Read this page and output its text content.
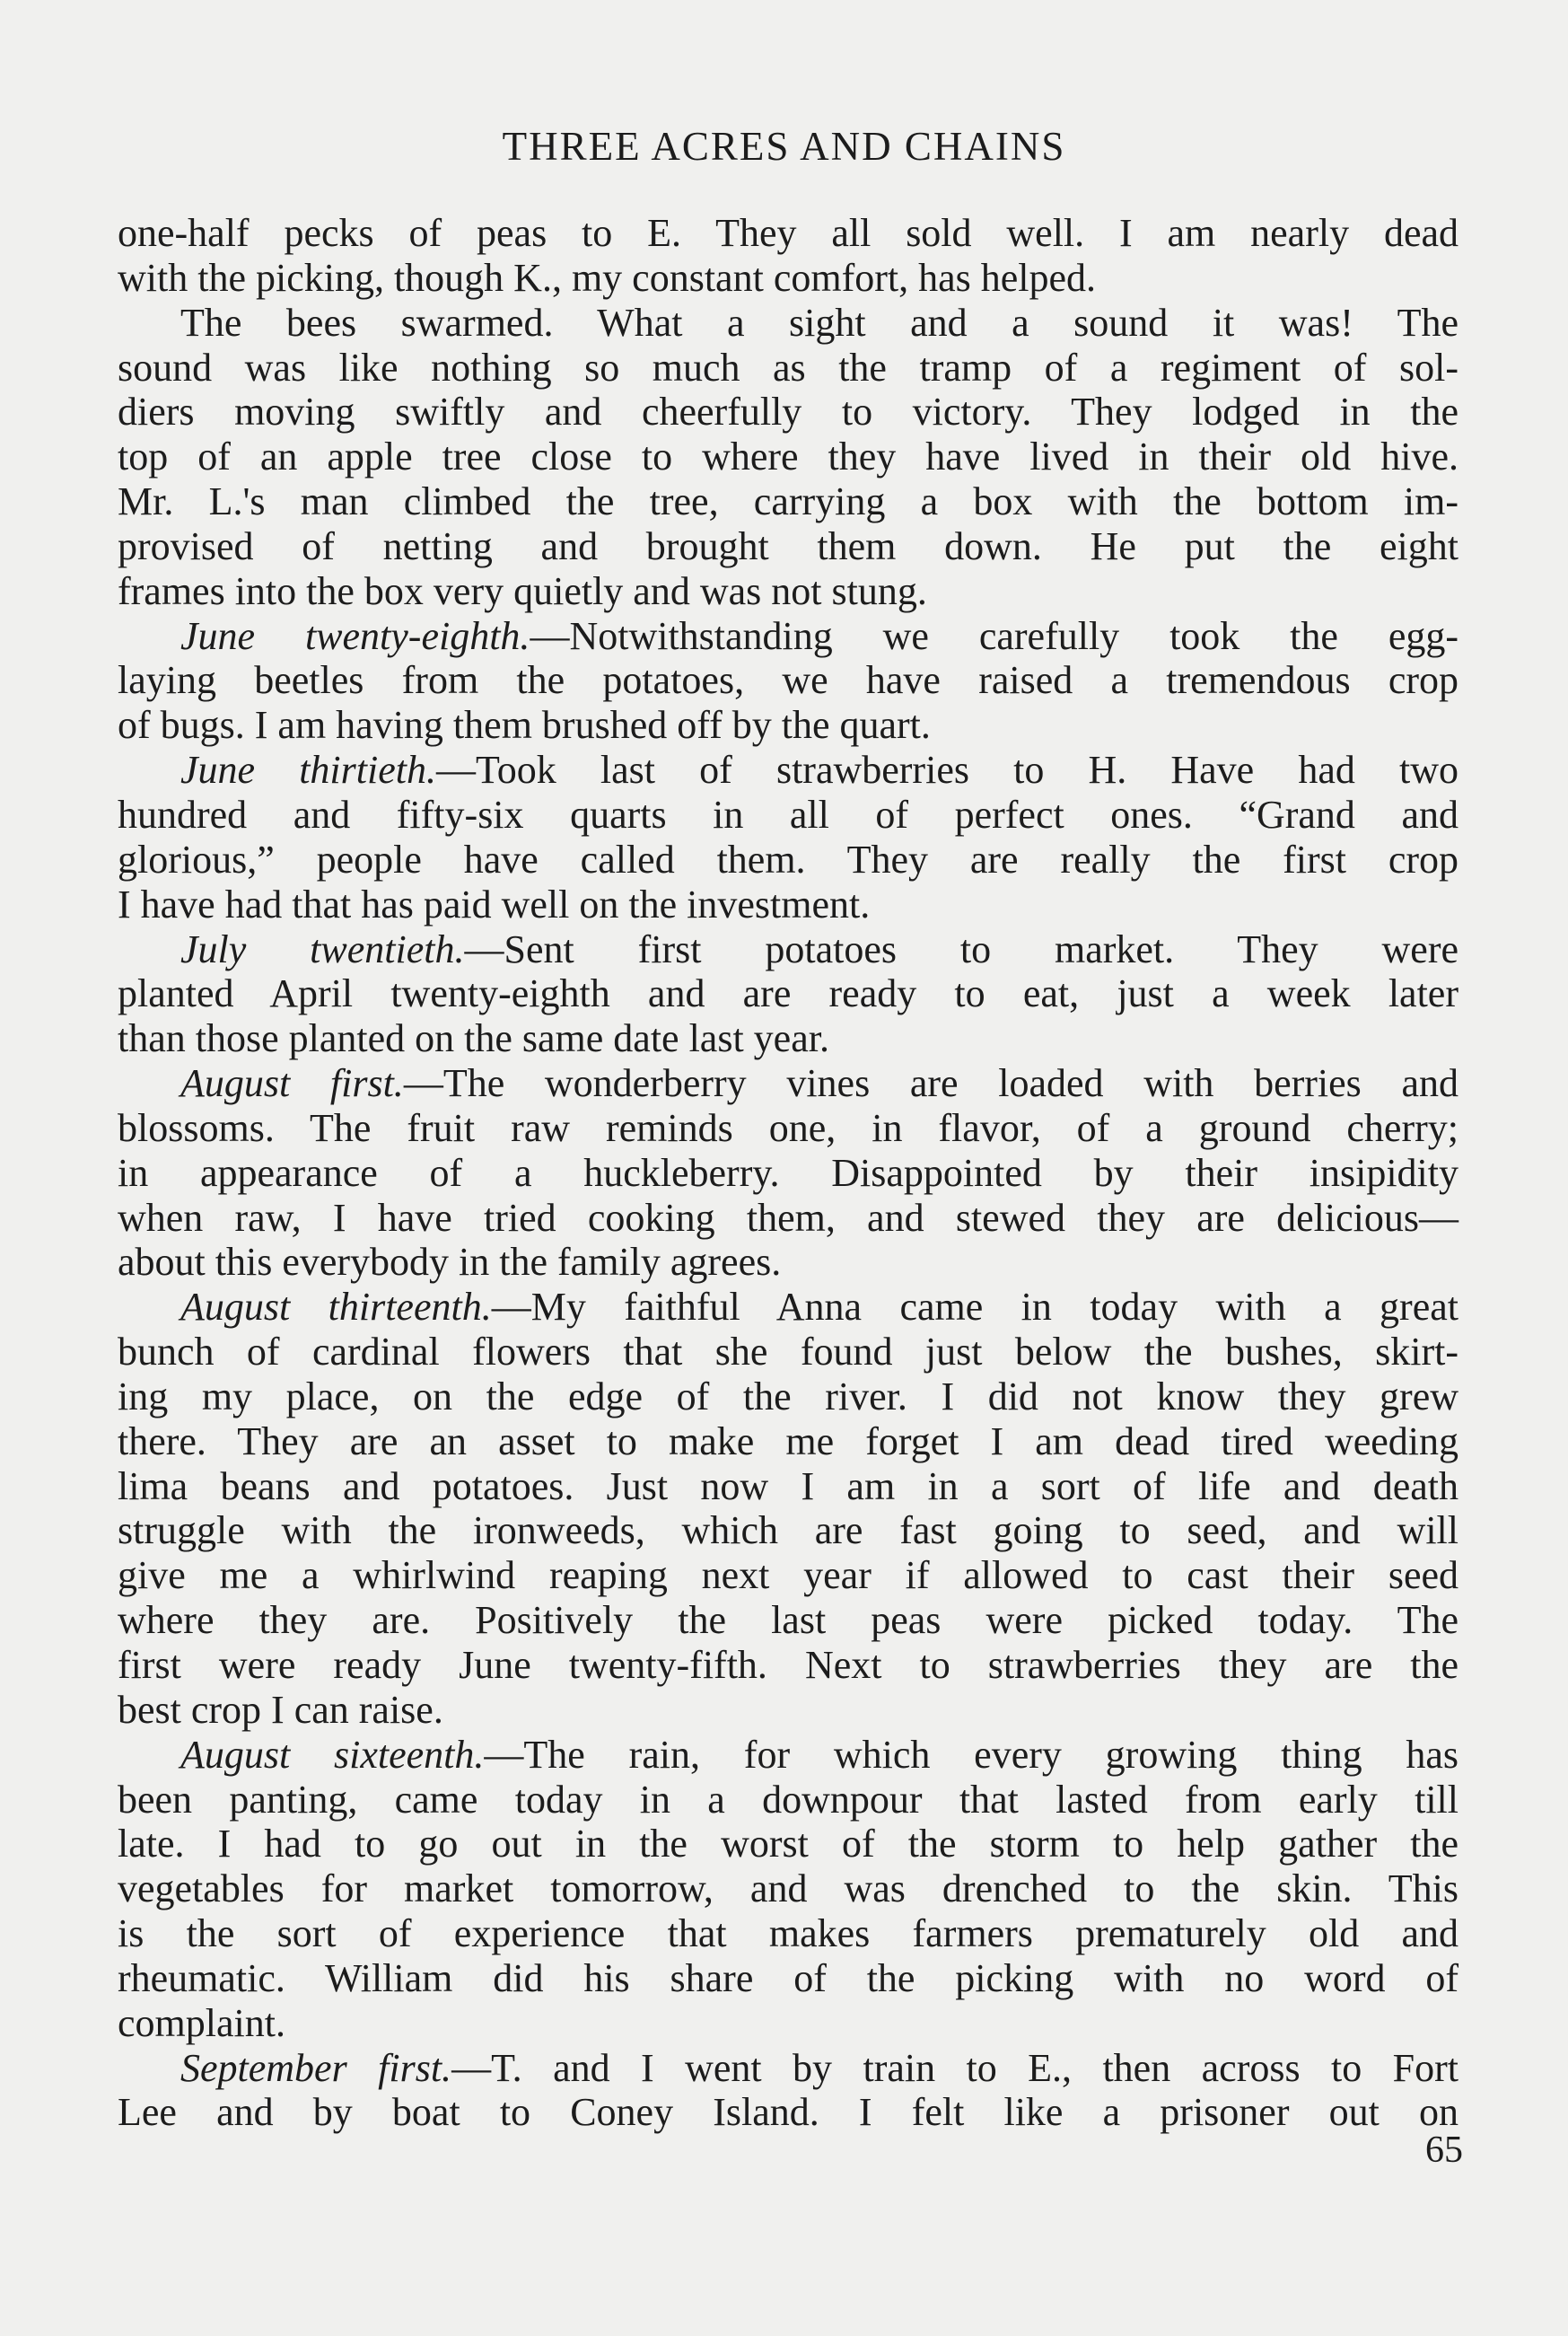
THREE ACRES AND CHAINS
one-half pecks of peas to E. They all sold well. I am nearly dead
with the picking, though K., my constant comfort, has helped.
The bees swarmed. What a sight and a sound it was! The
sound was like nothing so much as the tramp of a regiment of sol-
diers moving swiftly and cheerfully to victory. They lodged in the
top of an apple tree close to where they have lived in their old hive.
Mr. L.'s man climbed the tree, carrying a box with the bottom im-
provised of netting and brought them down. He put the eight
frames into the box very quietly and was not stung.
June twenty-eighth.—Notwithstanding we carefully took the egg-
laying beetles from the potatoes, we have raised a tremendous crop
of bugs. I am having them brushed off by the quart.
June thirtieth.—Took last of strawberries to H. Have had two
hundred and fifty-six quarts in all of perfect ones. “Grand and
glorious,” people have called them. They are really the first crop
I have had that has paid well on the investment.
July twentieth.—Sent first potatoes to market. They were
planted April twenty-eighth and are ready to eat, just a week later
than those planted on the same date last year.
August first.—The wonderberry vines are loaded with berries and
blossoms. The fruit raw reminds one, in flavor, of a ground cherry;
in appearance of a huckleberry. Disappointed by their insipidity
when raw, I have tried cooking them, and stewed they are delicious—
about this everybody in the family agrees.
August thirteenth.—My faithful Anna came in today with a great
bunch of cardinal flowers that she found just below the bushes, skirt-
ing my place, on the edge of the river. I did not know they grew
there. They are an asset to make me forget I am dead tired weeding
lima beans and potatoes. Just now I am in a sort of life and death
struggle with the ironweeds, which are fast going to seed, and will
give me a whirlwind reaping next year if allowed to cast their seed
where they are. Positively the last peas were picked today. The
first were ready June twenty-fifth. Next to strawberries they are the
best crop I can raise.
August sixteenth.—The rain, for which every growing thing has
been panting, came today in a downpour that lasted from early till
late. I had to go out in the worst of the storm to help gather the
vegetables for market tomorrow, and was drenched to the skin. This
is the sort of experience that makes farmers prematurely old and
rheumatic. William did his share of the picking with no word of
complaint.
September first.—T. and I went by train to E., then across to Fort
Lee and by boat to Coney Island. I felt like a prisoner out on
65
